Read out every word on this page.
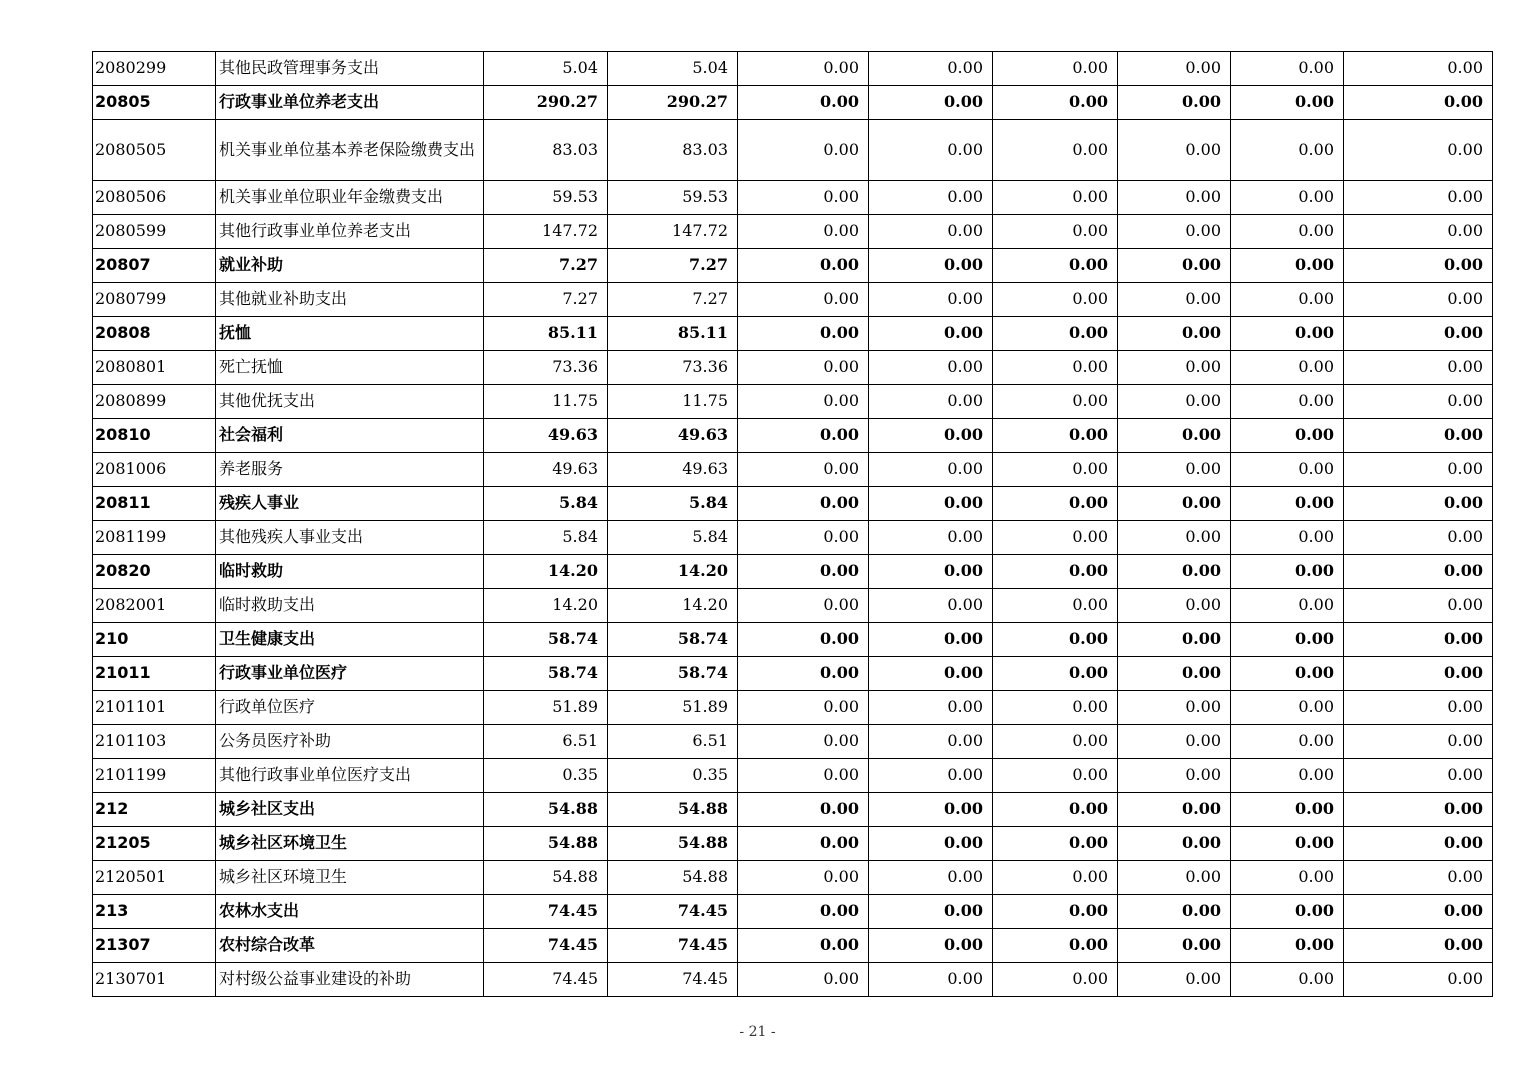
2080299	其他民政管理事务支出	5.04	5.04	0.00	0.00	0.00	0.00	0.00	0.00
20805	行政事业单位养老支出	290.27	290.27	0.00	0.00	0.00	0.00	0.00	0.00
2080505	机关事业单位基本养老保险缴费支出	83.03	83.03	0.00	0.00	0.00	0.00	0.00	0.00
2080506	机关事业单位职业年金缴费支出	59.53	59.53	0.00	0.00	0.00	0.00	0.00	0.00
2080599	其他行政事业单位养老支出	147.72	147.72	0.00	0.00	0.00	0.00	0.00	0.00
20807	就业补助	7.27	7.27	0.00	0.00	0.00	0.00	0.00	0.00
2080799	其他就业补助支出	7.27	7.27	0.00	0.00	0.00	0.00	0.00	0.00
20808	抚恤	85.11	85.11	0.00	0.00	0.00	0.00	0.00	0.00
2080801	死亡抚恤	73.36	73.36	0.00	0.00	0.00	0.00	0.00	0.00
2080899	其他优抚支出	11.75	11.75	0.00	0.00	0.00	0.00	0.00	0.00
20810	社会福利	49.63	49.63	0.00	0.00	0.00	0.00	0.00	0.00
2081006	养老服务	49.63	49.63	0.00	0.00	0.00	0.00	0.00	0.00
20811	残疾人事业	5.84	5.84	0.00	0.00	0.00	0.00	0.00	0.00
2081199	其他残疾人事业支出	5.84	5.84	0.00	0.00	0.00	0.00	0.00	0.00
20820	临时救助	14.20	14.20	0.00	0.00	0.00	0.00	0.00	0.00
2082001	临时救助支出	14.20	14.20	0.00	0.00	0.00	0.00	0.00	0.00
210	卫生健康支出	58.74	58.74	0.00	0.00	0.00	0.00	0.00	0.00
21011	行政事业单位医疗	58.74	58.74	0.00	0.00	0.00	0.00	0.00	0.00
2101101	行政单位医疗	51.89	51.89	0.00	0.00	0.00	0.00	0.00	0.00
2101103	公务员医疗补助	6.51	6.51	0.00	0.00	0.00	0.00	0.00	0.00
2101199	其他行政事业单位医疗支出	0.35	0.35	0.00	0.00	0.00	0.00	0.00	0.00
212	城乡社区支出	54.88	54.88	0.00	0.00	0.00	0.00	0.00	0.00
21205	城乡社区环境卫生	54.88	54.88	0.00	0.00	0.00	0.00	0.00	0.00
2120501	城乡社区环境卫生	54.88	54.88	0.00	0.00	0.00	0.00	0.00	0.00
213	农林水支出	74.45	74.45	0.00	0.00	0.00	0.00	0.00	0.00
21307	农村综合改革	74.45	74.45	0.00	0.00	0.00	0.00	0.00	0.00
2130701	对村级公益事业建设的补助	74.45	74.45	0.00	0.00	0.00	0.00	0.00	0.00
- 21 -
